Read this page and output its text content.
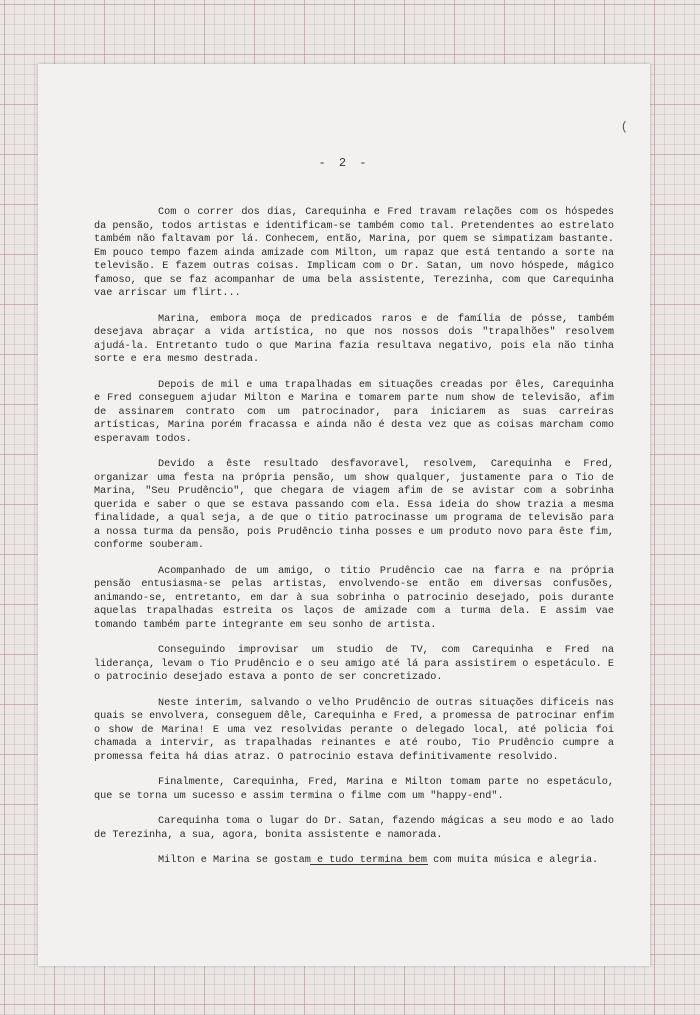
(
- 2 -

Com o correr dos dias, Carequinha e Fred travam relações com os hóspedes da pensão, todos artistas e identificam-se também como tal. Pretendentes ao estrelato também não faltavam por lá. Conhecem, então, Marina, por quem se simpatizam bastante. Em pouco tempo fazem ainda amizade com Milton, um rapaz que está tentando a sorte na televisão. E fazem outras coisas. Implicam com o Dr. Satan, um novo hóspede, mágico famoso, que se faz acompanhar de uma bela assistente, Terezinha, com que Carequinha vae arriscar um flirt...

Marina, embora moça de predicados raros e de família de pósse, também desejava abraçar a vida artística, no que nos nossos dois "trapalhões" resolvem ajudá-la. Entretanto tudo o que Marina fazia resultava negativo, pois ela não tinha sorte e era mesmo destrada.

Depois de mil e uma trapalhadas em situações creadas por êles, Carequinha e Fred conseguem ajudar Milton e Marina e tomarem parte num show de televisão, afim de assinarem contrato com um patrocinador, para iniciarem as suas carreiras artísticas, Marina porém fracassa e ainda não é desta vez que as coisas marcham como esperavam todos.

Devido a êste resultado desfavoravel, resolvem, Carequinha e Fred, organizar uma festa na própria pensão, um show qualquer, justamente para o Tio de Marina, "Seu Prudêncio", que chegara de viagem afim de se avistar com a sobrinha querida e saber o que se estava passando com ela. Essa ideia do show trazia a mesma finalidade, a qual seja, a de que o titio patrocinasse um programa de televisão para a nossa turma da pensão, pois Prudêncio tinha posses e um produto novo para êste fim, conforme souberam.

Acompanhado de um amigo, o titio Prudêncio cae na farra e na própria pensão entusiasma-se pelas artistas, envolvendo-se então em diversas confusões, animando-se, entretanto, em dar à sua sobrinha o patrocinio desejado, pois durante aquelas trapalhadas estreita os laços de amizade com a turma dela. E assim vae tomando também parte integrante em seu sonho de artista.

Conseguindo improvisar um studio de TV, com Carequinha e Fred na liderança, levam o Tio Prudêncio e o seu amigo até lá para assistirem o espetáculo. E o patrocinio desejado estava a ponto de ser concretizado.

Neste interim, salvando o velho Prudêncio de outras situações dificeis nas quais se envolvera, conseguem dêle, Carequinha e Fred, a promessa de patrocinar enfim o show de Marina! E uma vez resolvidas perante o delegado local, até policia foi chamada a intervir, as trapalhadas reinantes e até roubo, Tio Prudêncio cumpre a promessa feita há dias atraz. O patrocinio estava definitivamente resolvido.

Finalmente, Carequinha, Fred, Marina e Milton tomam parte no espetáculo, que se torna um sucesso e assim termina o filme com um "happy-end".

Carequinha toma o lugar do Dr. Satan, fazendo mágicas a seu modo e ao lado de Terezinha, a sua, agora, bonita assistente e namorada.

Milton e Marina se gostam e tudo termina bem com muita música e alegria.
